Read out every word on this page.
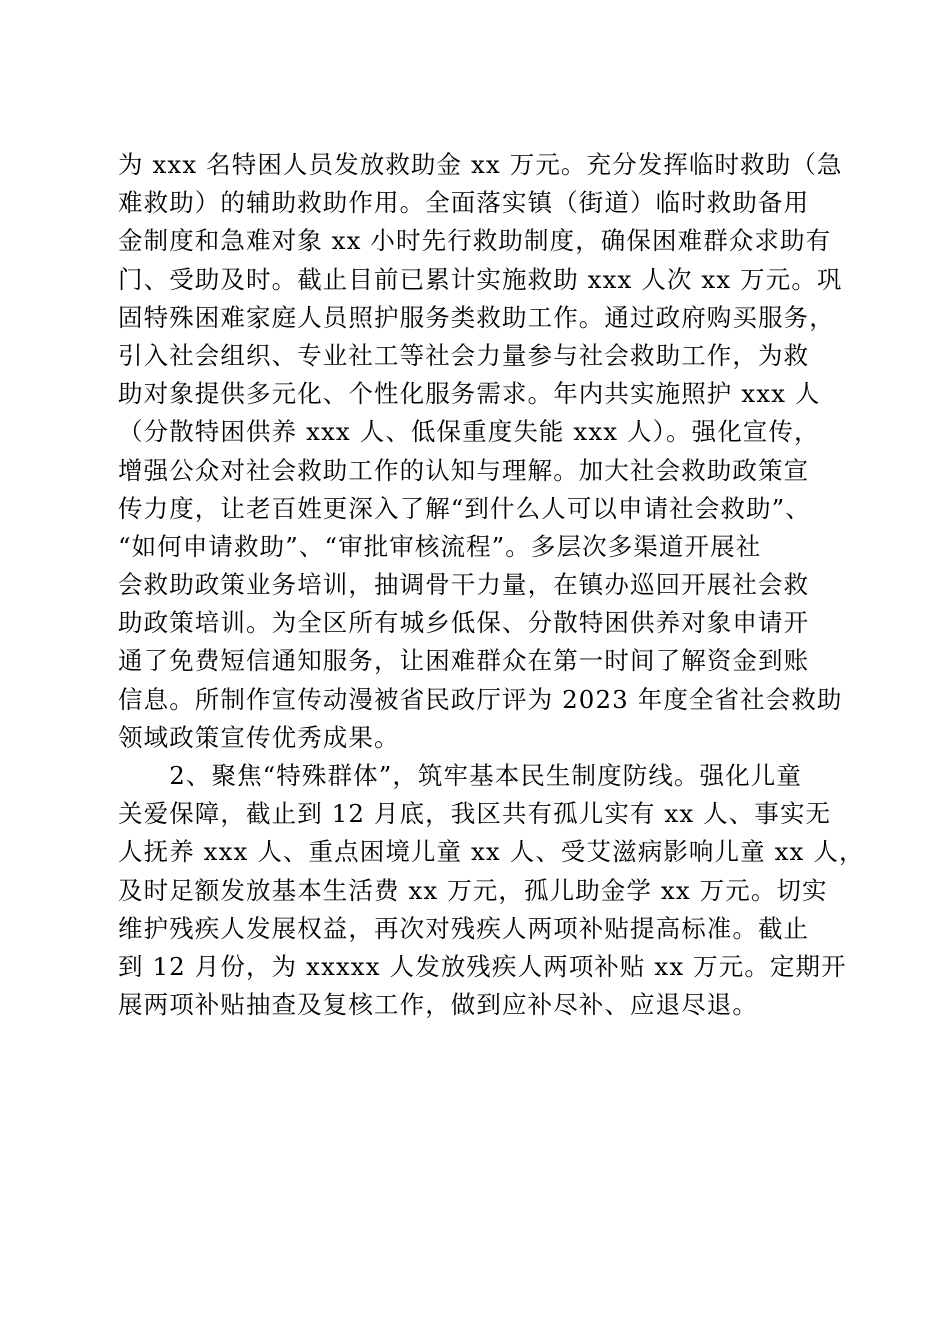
为 xxx 名特困人员发放救助金 xx 万元。充分发挥临时救助（急
难救助）的辅助救助作用。全面落实镇（街道）临时救助备用
金制度和急难对象 xx 小时先行救助制度，确保困难群众求助有
门、受助及时。截止目前已累计实施救助 xxx 人次 xx 万元。巩
固特殊困难家庭人员照护服务类救助工作。通过政府购买服务，
引入社会组织、专业社工等社会力量参与社会救助工作，为救
助对象提供多元化、个性化服务需求。年内共实施照护 xxx 人
（分散特困供养 xxx 人、低保重度失能 xxx 人）。强化宣传，
增强公众对社会救助工作的认知与理解。加大社会救助政策宣
传力度，让老百姓更深入了解“到什么人可以申请社会救助”、
“如何申请救助”、“审批审核流程”。多层次多渠道开展社
会救助政策业务培训，抽调骨干力量，在镇办巡回开展社会救
助政策培训。为全区所有城乡低保、分散特困供养对象申请开
通了免费短信通知服务，让困难群众在第一时间了解资金到账
信息。所制作宣传动漫被省民政厅评为 2023 年度全省社会救助
领域政策宣传优秀成果。
　　2、聚焦“特殊群体”，筑牢基本民生制度防线。强化儿童
关爱保障，截止到 12 月底，我区共有孤儿实有 xx 人、事实无
人抚养 xxx 人、重点困境儿童 xx 人、受艾滋病影响儿童 xx 人，
及时足额发放基本生活费 xx 万元，孤儿助金学 xx 万元。切实
维护残疾人发展权益，再次对残疾人两项补贴提高标准。截止
到 12 月份，为 xxxxx 人发放残疾人两项补贴 xx 万元。定期开
展两项补贴抽查及复核工作，做到应补尽补、应退尽退。
